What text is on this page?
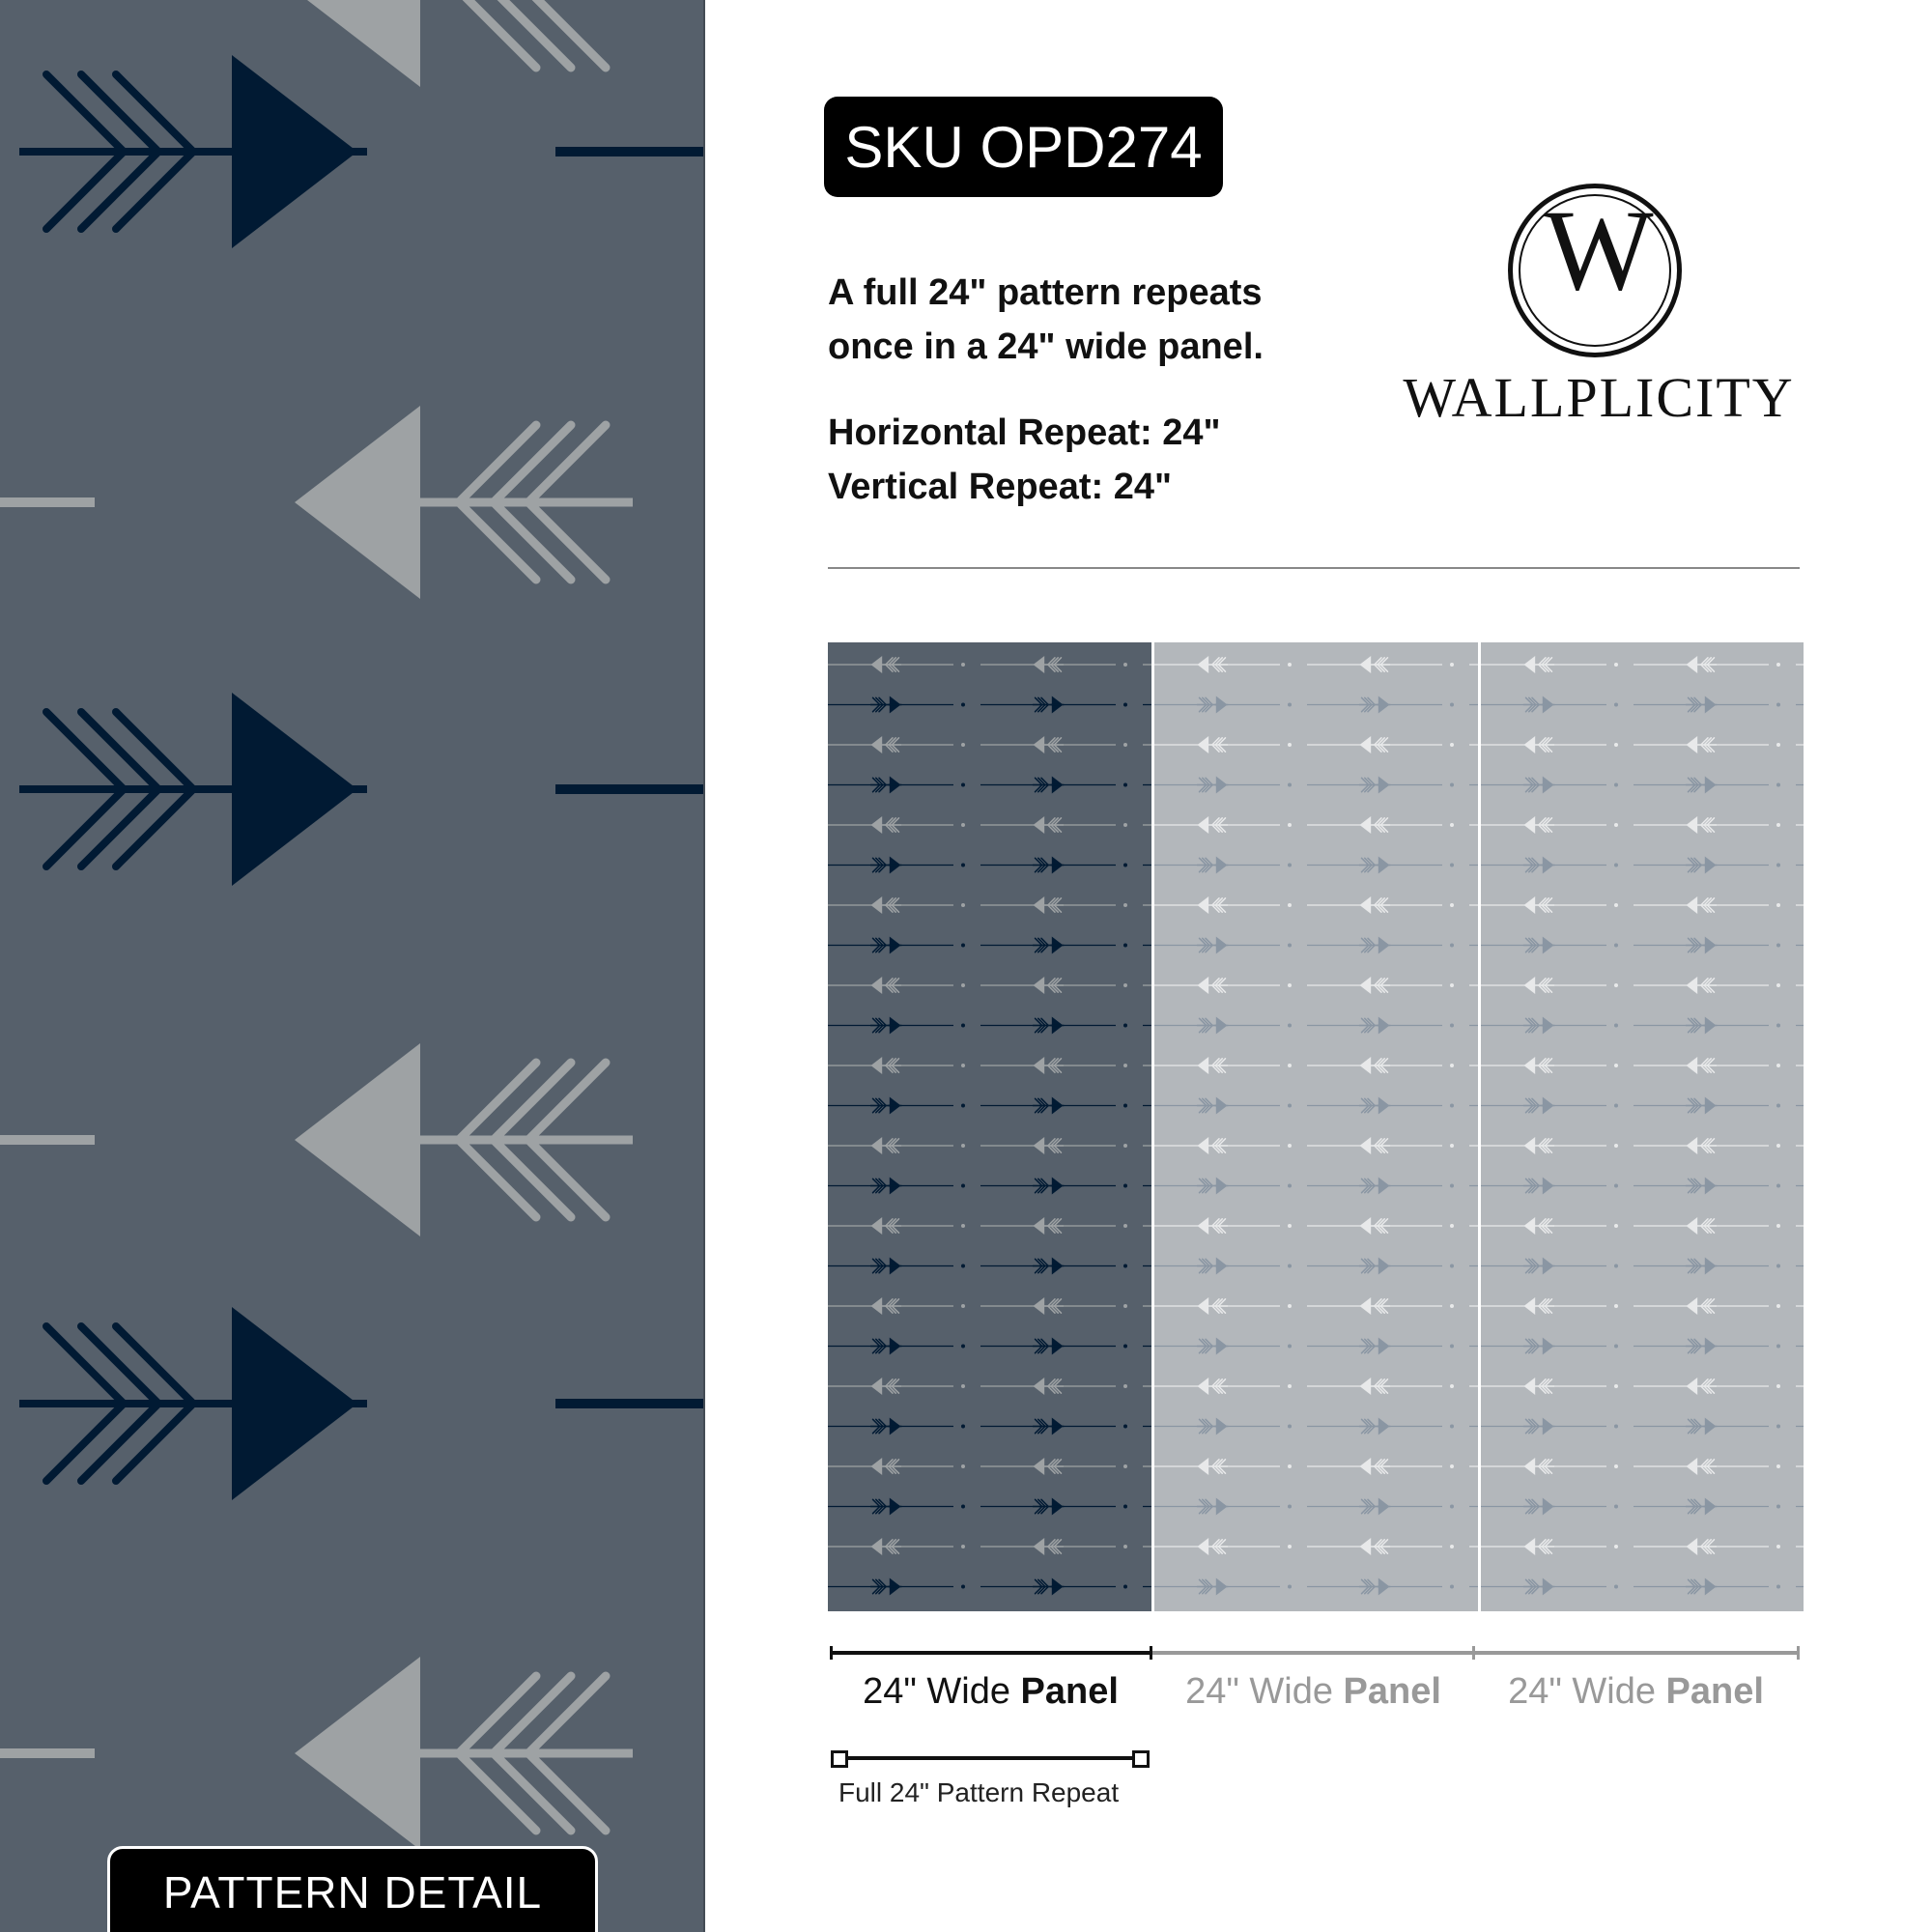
PATTERN DETAIL
SKU OPD274
A full 24" pattern repeats
once in a 24" wide panel.
Horizontal Repeat: 24"
Vertical Repeat: 24"
W
WALLPLICITY
24" Wide Panel	24" Wide Panel	24" Wide Panel
Full 24" Pattern Repeat
